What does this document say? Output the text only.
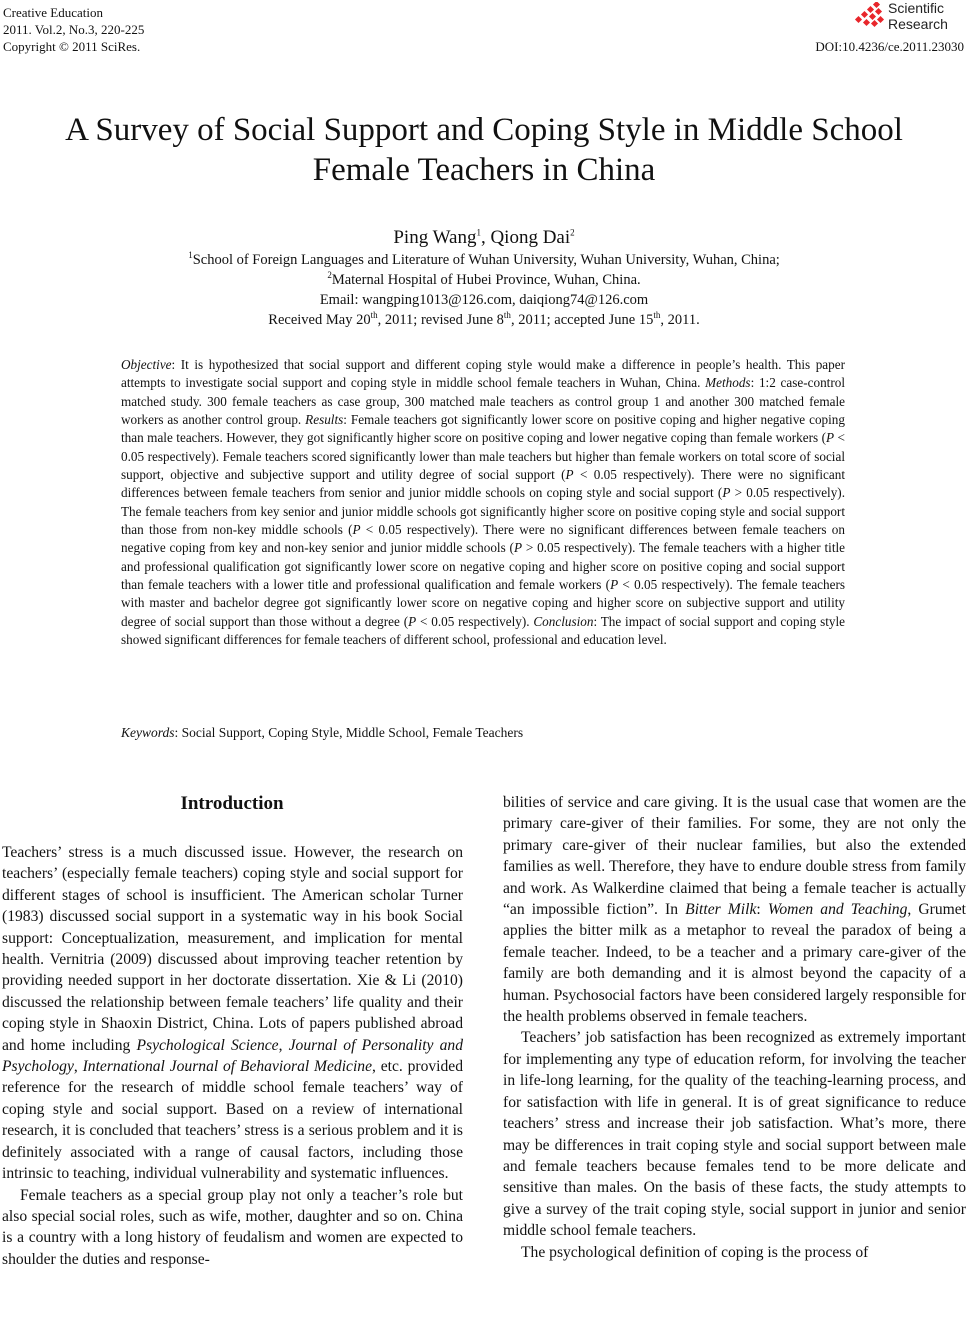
Creative Education
2011. Vol.2, No.3, 220-225
Copyright © 2011 SciRes.
Scientific
Research
DOI:10.4236/ce.2011.23030
A Survey of Social Support and Coping Style in Middle School Female Teachers in China
Ping Wang$^1$, Qiong Dai$^2$
$^1$School of Foreign Languages and Literature of Wuhan University, Wuhan University, Wuhan, China;
$^2$Maternal Hospital of Hubei Province, Wuhan, China.
Email: wangping1013@126.com, daiqiong74@126.com
Received May 20th, 2011; revised June 8th, 2011; accepted June 15th, 2011.
Objective: It is hypothesized that social support and different coping style would make a difference in people’s health. This paper attempts to investigate social support and coping style in middle school female teachers in Wuhan, China. Methods: 1:2 case-control matched study. 300 female teachers as case group, 300 matched male teachers as control group 1 and another 300 matched female workers as another control group. Results: Female teachers got significantly lower score on positive coping and higher negative coping than male teachers. However, they got significantly higher score on positive coping and lower negative coping than female workers (P < 0.05 respectively). Female teachers scored significantly lower than male teachers but higher than female workers on total score of social support, objective and subjective support and utility degree of social support (P < 0.05 respectively). There were no significant differences between female teachers from senior and junior middle schools on coping style and social support (P > 0.05 respectively). The female teachers from key senior and junior middle schools got significantly higher score on positive coping style and social support than those from non-key middle schools (P < 0.05 respectively). There were no significant differences between female teachers on negative coping from key and non-key senior and junior middle schools (P > 0.05 respectively). The female teachers with a higher title and professional qualification got significantly lower score on negative coping and higher score on positive coping and social support than female teachers with a lower title and professional qualification and female workers (P < 0.05 respectively). The female teachers with master and bachelor degree got significantly lower score on negative coping and higher score on subjective support and utility degree of social support than those without a degree (P < 0.05 respectively). Conclusion: The impact of social support and coping style showed significant differences for female teachers of different school, professional and education level.
Keywords: Social Support, Coping Style, Middle School, Female Teachers
Introduction

Teachers’ stress is a much discussed issue. However, the research on teachers’ (especially female teachers) coping style and social support for different stages of school is insufficient. The American scholar Turner (1983) discussed social support in a systematic way in his book Social support: Conceptualization, measurement, and implication for mental health. Vernitria (2009) discussed about improving teacher retention by providing needed support in her doctorate dissertation. Xie & Li (2010) discussed the relationship between female teachers’ life quality and their coping style in Shaoxin District, China. Lots of papers published abroad and home including Psychological Science, Journal of Personality and Psychology, International Journal of Behavioral Medicine, etc. provided reference for the research of middle school female teachers’ way of coping style and social support. Based on a review of international research, it is concluded that teachers’ stress is a serious problem and it is definitely associated with a range of causal factors, including those intrinsic to teaching, individual vulnerability and systematic influences.

Female teachers as a special group play not only a teacher’s role but also special social roles, such as wife, mother, daughter and so on. China is a country with a long history of feudalism and women are expected to shoulder the duties and response-

bilities of service and care giving. It is the usual case that women are the primary care-giver of their families. For some, they are not only the primary care-giver of their nuclear families, but also the extended families as well. Therefore, they have to endure double stress from family and work. As Walkerdine claimed that being a female teacher is actually “an impossible fiction”. In Bitter Milk: Women and Teaching, Grumet applies the bitter milk as a metaphor to reveal the paradox of being a female teacher. Indeed, to be a teacher and a primary care-giver of the family are both demanding and it is almost beyond the capacity of a human. Psychosocial factors have been considered largely responsible for the health problems observed in female teachers.

Teachers’ job satisfaction has been recognized as extremely important for implementing any type of education reform, for involving the teacher in life-long learning, for the quality of the teaching-learning process, and for satisfaction with life in general. It is of great significance to reduce teachers’ stress and increase their job satisfaction. What’s more, there may be differences in trait coping style and social support between male and female teachers because females tend to be more delicate and sensitive than males. On the basis of these facts, the study attempts to give a survey of the trait coping style, social support in junior and senior middle school female teachers.

The psychological definition of coping is the process of
